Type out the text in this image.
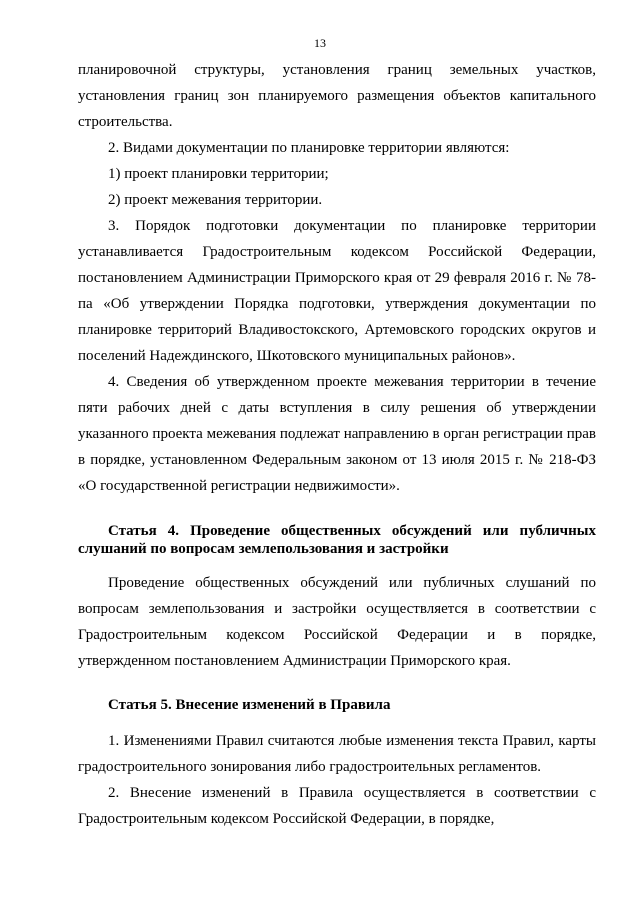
13

планировочной структуры, установления границ земельных участков, установления границ зон планируемого размещения объектов капитального строительства.

2. Видами документации по планировке территории являются:

1) проект планировки территории;

2) проект межевания территории.

3. Порядок подготовки документации по планировке территории устанавливается Градостроительным кодексом Российской Федерации, постановлением Администрации Приморского края от 29 февраля 2016 г. № 78-па «Об утверждении Порядка подготовки, утверждения документации по планировке территорий Владивостокского, Артемовского городских округов и поселений Надеждинского, Шкотовского муниципальных районов».

4. Сведения об утвержденном проекте межевания территории в течение пяти рабочих дней с даты вступления в силу решения об утверждении указанного проекта межевания подлежат направлению в орган регистрации прав в порядке, установленном Федеральным законом от 13 июля 2015 г. № 218-ФЗ «О государственной регистрации недвижимости».

Статья 4. Проведение общественных обсуждений или публичных слушаний по вопросам землепользования и застройки

Проведение общественных обсуждений или публичных слушаний по вопросам землепользования и застройки осуществляется в соответствии с Градостроительным кодексом Российской Федерации и в порядке, утвержденном постановлением Администрации Приморского края.

Статья 5. Внесение изменений в Правила

1. Изменениями Правил считаются любые изменения текста Правил, карты градостроительного зонирования либо градостроительных регламентов.

2. Внесение изменений в Правила осуществляется в соответствии с Градостроительным кодексом Российской Федерации, в порядке,
